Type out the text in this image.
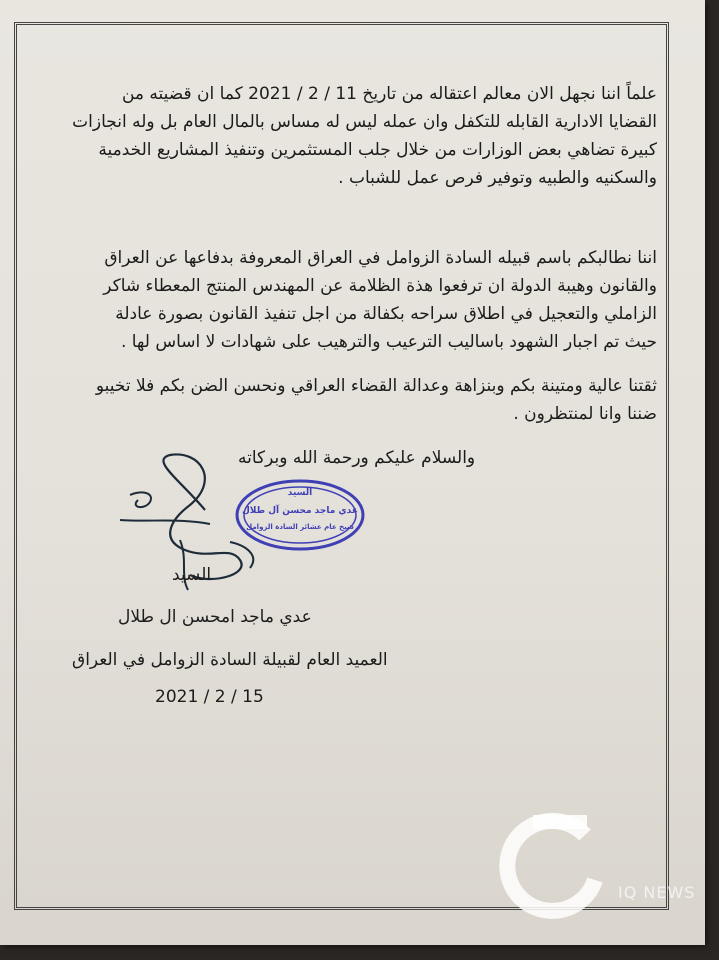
علماً اننا نجهل الان معالم اعتقاله من تاريخ 11 / 2 / 2021 كما ان قضيته من
القضايا الادارية القابله للتكفل وان عمله ليس له مساس بالمال العام بل وله انجازات
كبيرة تضاهي بعض الوزارات من خلال جلب المستثمرين وتنفيذ المشاريع الخدمية
والسكنيه والطبيه وتوفير فرص عمل للشباب .
اننا نطالبكم باسم قبيله السادة الزوامل في العراق المعروفة بدفاعها عن العراق
والقانون وهيبة الدولة ان ترفعوا هذة الظلامة عن المهندس المنتج المعطاء شاكر
الزاملي والتعجيل في اطلاق سراحه بكفالة من اجل تنفيذ القانون بصورة عادلة
حيث تم اجبار الشهود باساليب الترعيب والترهيب على شهادات لا اساس لها .
ثقتنا عالية ومتينة بكم وبنزاهة وعدالة القضاء العراقي ونحسن الضن بكم فلا تخيبو
ضننا وانا لمنتظرون .
والسلام عليكم ورحمة الله وبركاته
السيد
عدي ماجد محسن آل طلال
شيخ عام عشائر السادة الزوامل
السيد
عدي ماجد امحسن ال طلال
العميد العام لقبيلة السادة الزوامل في العراق
2021 / 2 / 15
IQ NEWS
